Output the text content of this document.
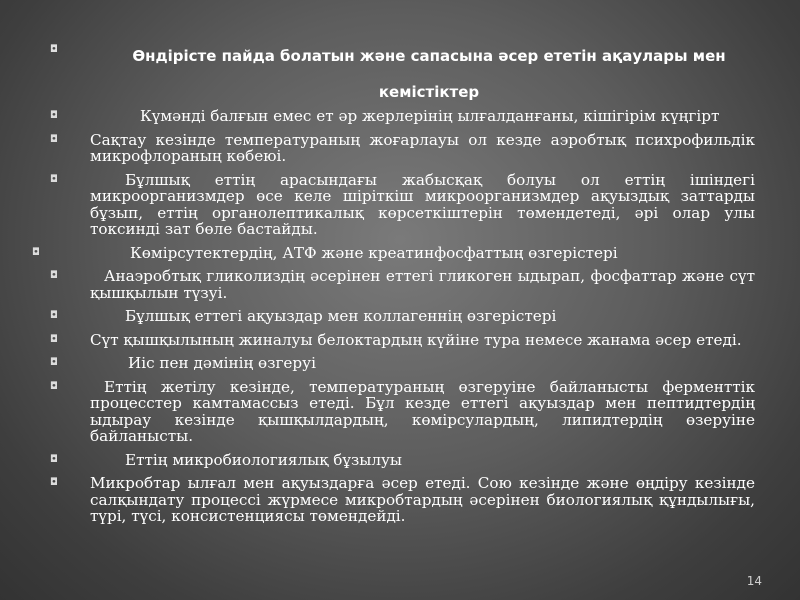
◘	Өндірісте пайда болатын және сапасына әсер ететін ақаулары мен
кемістіктер
◘	Күмәнді балғын емес ет әр жерлерінің ылғалданғаны, кішігірім күңгірт
◘	Сақтау кезінде температураның жоғарлауы ол кезде аэробтық психрофильдік микрофлораның көбеюі.
◘	Бұлшық еттің арасындағы жабысқақ болуы ол еттің ішіндегі микроорганизмдер өсе келе шіріткіш микроорганизмдер ақуыздық заттарды бұзып, еттің органолептикалық көрсеткіштерін төмендетеді, әрі олар улы токсинді зат бөле бастайды.
◘	Көмірсутектердің, АТФ және креатинфосфаттың өзгерістері
◘	Анаэробтық гликолиздің әсерінен еттегі гликоген ыдырап, фосфаттар және сүт қышқылын түзуі.
◘	Бұлшық еттегі ақуыздар мен коллагеннің өзгерістері
◘	Сүт қышқылының жиналуы белоктардың күйіне тура немесе жанама әсер етеді.
◘	Иіс пен дәмінің өзгеруі
◘	Еттің жетілу кезінде, температураның өзгеруіне байланысты ферменттік процесстер камтамассыз етеді. Бұл кезде еттегі ақуыздар мен пептидтердің ыдырау кезінде қышқылдардың, көмірсулардың, липидтердің өзеруіне байланысты.
◘	Еттің микробиологиялық бұзылуы
◘	Микробтар ылғал мен ақуыздарға әсер етеді. Сою кезінде және өңдіру кезінде салқындату процессі жүрмесе микробтардың әсерінен биологиялық құндылығы, түрі, түсі, консистенциясы төмендейді.
14
